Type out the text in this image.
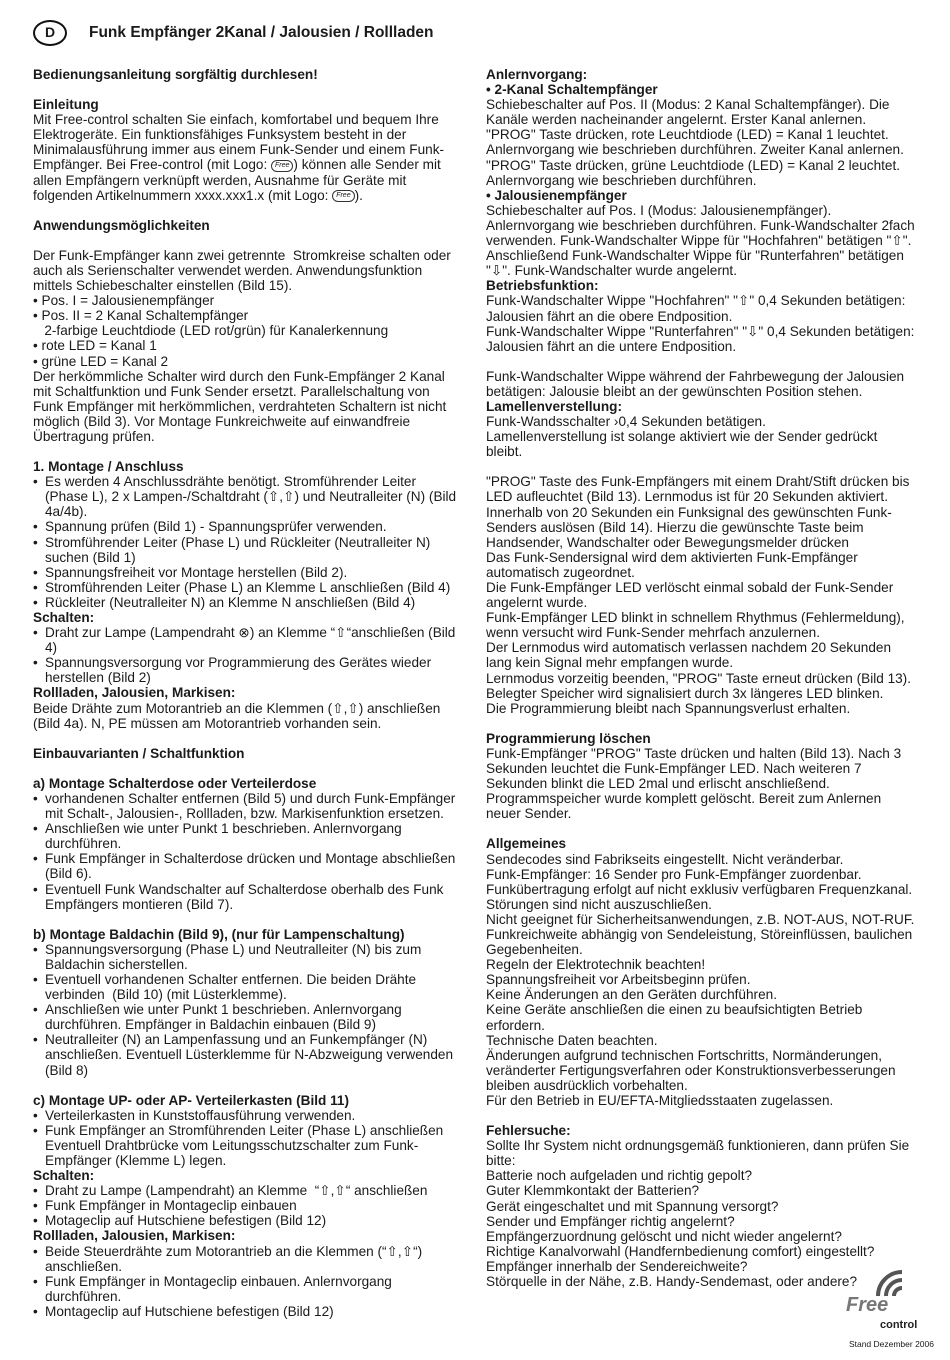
D	Funk Empfänger 2Kanal / Jalousien / Rollladen

Bedienungsanleitung sorgfältig durchlesen!

Einleitung

Mit Free-control schalten Sie einfach, komfortabel und bequem Ihre Elektrogeräte. Ein funktionsfähiges Funksystem besteht in der Minimalausführung immer aus einem Funk-Sender und einem Funk-Empfänger. Bei Free-control (mit Logo: Free ) können alle Sender mit allen Empfängern verknüpft werden, Ausnahme für Geräte mit folgenden Artikelnummern xxxx.xxx1.x (mit Logo: Free ).

Anwendungsmöglichkeiten

Der Funk-Empfänger kann zwei getrennte  Stromkreise schalten oder auch als Serienschalter verwendet werden. Anwendungsfunktion mittels Schiebeschalter einstellen (Bild 15).

• Pos. I = Jalousienempfänger
• Pos. II = 2 Kanal Schaltempfänger
2-farbige Leuchtdiode (LED rot/grün) für Kanalerkennung
• rote LED = Kanal 1
• grüne LED = Kanal 2

Der herkömmliche Schalter wird durch den Funk-Empfänger 2 Kanal mit Schaltfunktion und Funk Sender ersetzt. Parallelschaltung von Funk Empfänger mit herkömmlichen, verdrahteten Schaltern ist nicht möglich (Bild 3). Vor Montage Funkreichweite auf einwandfreie Übertragung prüfen.

1. Montage / Anschluss

• Es werden 4 Anschlussdrähte benötigt. Stromführender Leiter (Phase L), 2 x Lampen-/Schaltdraht (⇧,⇧) und Neutralleiter (N) (Bild 4a/4b).
• Spannung prüfen (Bild 1) - Spannungsprüfer verwenden.
• Stromführender Leiter (Phase L) und Rückleiter (Neutralleiter N) suchen (Bild 1)
• Spannungsfreiheit vor Montage herstellen (Bild 2).
• Stromführenden Leiter (Phase L) an Klemme L anschließen (Bild 4)
• Rückleiter (Neutralleiter N) an Klemme N anschließen (Bild 4)

Schalten:

• Draht zur Lampe (Lampendraht ⊗) an Klemme “⇧“anschließen (Bild 4)
• Spannungsversorgung vor Programmierung des Gerätes wieder herstellen (Bild 2)

Rollladen, Jalousien, Markisen:

Beide Drähte zum Motorantrieb an die Klemmen (⇧,⇧) anschließen (Bild 4a). N, PE müssen am Motorantrieb vorhanden sein.

Einbauvarianten / Schaltfunktion

a) Montage Schalterdose oder Verteilerdose

• vorhandenen Schalter entfernen (Bild 5) und durch Funk-Empfänger mit Schalt-, Jalousien-, Rollladen, bzw. Markisenfunktion ersetzen.
• Anschließen wie unter Punkt 1 beschrieben. Anlernvorgang durchführen.
• Funk Empfänger in Schalterdose drücken und Montage abschließen (Bild 6).
• Eventuell Funk Wandschalter auf Schalterdose oberhalb des Funk Empfängers montieren (Bild 7).

b) Montage Baldachin (Bild 9), (nur für Lampenschaltung)

• Spannungsversorgung (Phase L) und Neutralleiter (N) bis zum Baldachin sicherstellen.
• Eventuell vorhandenen Schalter entfernen. Die beiden Drähte verbinden  (Bild 10) (mit Lüsterklemme).
• Anschließen wie unter Punkt 1 beschrieben. Anlernvorgang durchführen. Empfänger in Baldachin einbauen (Bild 9)
• Neutralleiter (N) an Lampenfassung und an Funkempfänger (N) anschließen. Eventuell Lüsterklemme für N-Abzweigung verwenden (Bild 8)

c) Montage UP- oder AP- Verteilerkasten (Bild 11)

• Verteilerkasten in Kunststoffausführung verwenden.
• Funk Empfänger an Stromführenden Leiter (Phase L) anschließen Eventuell Drahtbrücke vom Leitungsschutzschalter zum Funk-Empfänger (Klemme L) legen.

Schalten:

• Draht zu Lampe (Lampendraht) an Klemme  “⇧,⇧“ anschließen
• Funk Empfänger in Montageclip einbauen
• Motageclip auf Hutschiene befestigen (Bild 12)

Rollladen, Jalousien, Markisen:

• Beide Steuerdrähte zum Motorantrieb an die Klemmen (“⇧,⇧“) anschließen.
• Funk Empfänger in Montageclip einbauen. Anlernvorgang durchführen.
• Montageclip auf Hutschiene befestigen (Bild 12)

Anlernvorgang:

• 2-Kanal Schaltempfänger

Schiebeschalter auf Pos. II (Modus: 2 Kanal Schaltempfänger). Die Kanäle werden nacheinander angelernt. Erster Kanal anlernen. "PROG" Taste drücken, rote Leuchtdiode (LED) = Kanal 1 leuchtet. Anlernvorgang wie beschrieben durchführen. Zweiter Kanal anlernen. "PROG" Taste drücken, grüne Leuchtdiode (LED) = Kanal 2 leuchtet. Anlernvorgang wie beschrieben durchführen.

• Jalousienempfänger

Schiebeschalter auf Pos. I (Modus: Jalousienempfänger). Anlernvorgang wie beschrieben durchführen. Funk-Wandschalter 2fach verwenden. Funk-Wandschalter Wippe für "Hochfahren" betätigen "⇧". Anschließend Funk-Wandschalter Wippe für "Runterfahren" betätigen "⇩". Funk-Wandschalter wurde angelernt.

Betriebsfunktion:

Funk-Wandschalter Wippe "Hochfahren" "⇧" 0,4 Sekunden betätigen: Jalousien fährt an die obere Endposition.
Funk-Wandschalter Wippe "Runterfahren" "⇩" 0,4 Sekunden betätigen: Jalousien fährt an die untere Endposition.

Funk-Wandschalter Wippe während der Fahrbewegung der Jalousien betätigen: Jalousie bleibt an der gewünschten Position stehen.

Lamellenverstellung:

Funk-Wandsschalter ›0,4 Sekunden betätigen.
Lamellenverstellung ist solange aktiviert wie der Sender gedrückt bleibt.

"PROG" Taste des Funk-Empfängers mit einem Draht/Stift drücken bis LED aufleuchtet (Bild 13). Lernmodus ist für 20 Sekunden aktiviert. Innerhalb von 20 Sekunden ein Funksignal des gewünschten Funk-Senders auslösen (Bild 14). Hierzu die gewünschte Taste beim Handsender, Wandschalter oder Bewegungsmelder drücken
Das Funk-Sendersignal wird dem aktivierten Funk-Empfänger automatisch zugeordnet.
Die Funk-Empfänger LED verlöscht einmal sobald der Funk-Sender angelernt wurde.
Funk-Empfänger LED blinkt in schnellem Rhythmus (Fehlermeldung), wenn versucht wird Funk-Sender mehrfach anzulernen.
Der Lernmodus wird automatisch verlassen nachdem 20 Sekunden lang kein Signal mehr empfangen wurde.
Lernmodus vorzeitig beenden, "PROG" Taste erneut drücken (Bild 13).
Belegter Speicher wird signalisiert durch 3x längeres LED blinken.
Die Programmierung bleibt nach Spannungsverlust erhalten.

Programmierung löschen

Funk-Empfänger "PROG" Taste drücken und halten (Bild 13). Nach 3 Sekunden leuchtet die Funk-Empfänger LED. Nach weiteren 7 Sekunden blinkt die LED 2mal und erlischt anschließend. Programmspeicher wurde komplett gelöscht. Bereit zum Anlernen neuer Sender.

Allgemeines

Sendecodes sind Fabrikseits eingestellt. Nicht veränderbar.
Funk-Empfänger: 16 Sender pro Funk-Empfänger zuordenbar.
Funkübertragung erfolgt auf nicht exklusiv verfügbaren Frequenzkanal. Störungen sind nicht auszuschließen.
Nicht geeignet für Sicherheitsanwendungen, z.B. NOT-AUS, NOT-RUF.
Funkreichweite abhängig von Sendeleistung, Störeinflüssen, baulichen Gegebenheiten.
Regeln der Elektrotechnik beachten!
Spannungsfreiheit vor Arbeitsbeginn prüfen.
Keine Änderungen an den Geräten durchführen.
Keine Geräte anschließen die einen zu beaufsichtigten Betrieb erfordern.
Technische Daten beachten.
Änderungen aufgrund technischen Fortschritts, Normänderungen, veränderter Fertigungsverfahren oder Konstruktionsverbesserungen bleiben ausdrücklich vorbehalten.
Für den Betrieb in EU/EFTA-Mitgliedsstaaten zugelassen.

Fehlersuche:

Sollte Ihr System nicht ordnungsgemäß funktionieren, dann prüfen Sie bitte:
Batterie noch aufgeladen und richtig gepolt?
Guter Klemmkontakt der Batterien?
Gerät eingeschaltet und mit Spannung versorgt?
Sender und Empfänger richtig angelernt?
Empfängerzuordnung gelöscht und nicht wieder angelernt?
Richtige Kanalvorwahl (Handfernbedienung comfort) eingestellt?
Empfänger innerhalb der Sendereichweite?
Störquelle in der Nähe, z.B. Handy-Sendemast, oder andere?

Free
control
Stand Dezember 2006
